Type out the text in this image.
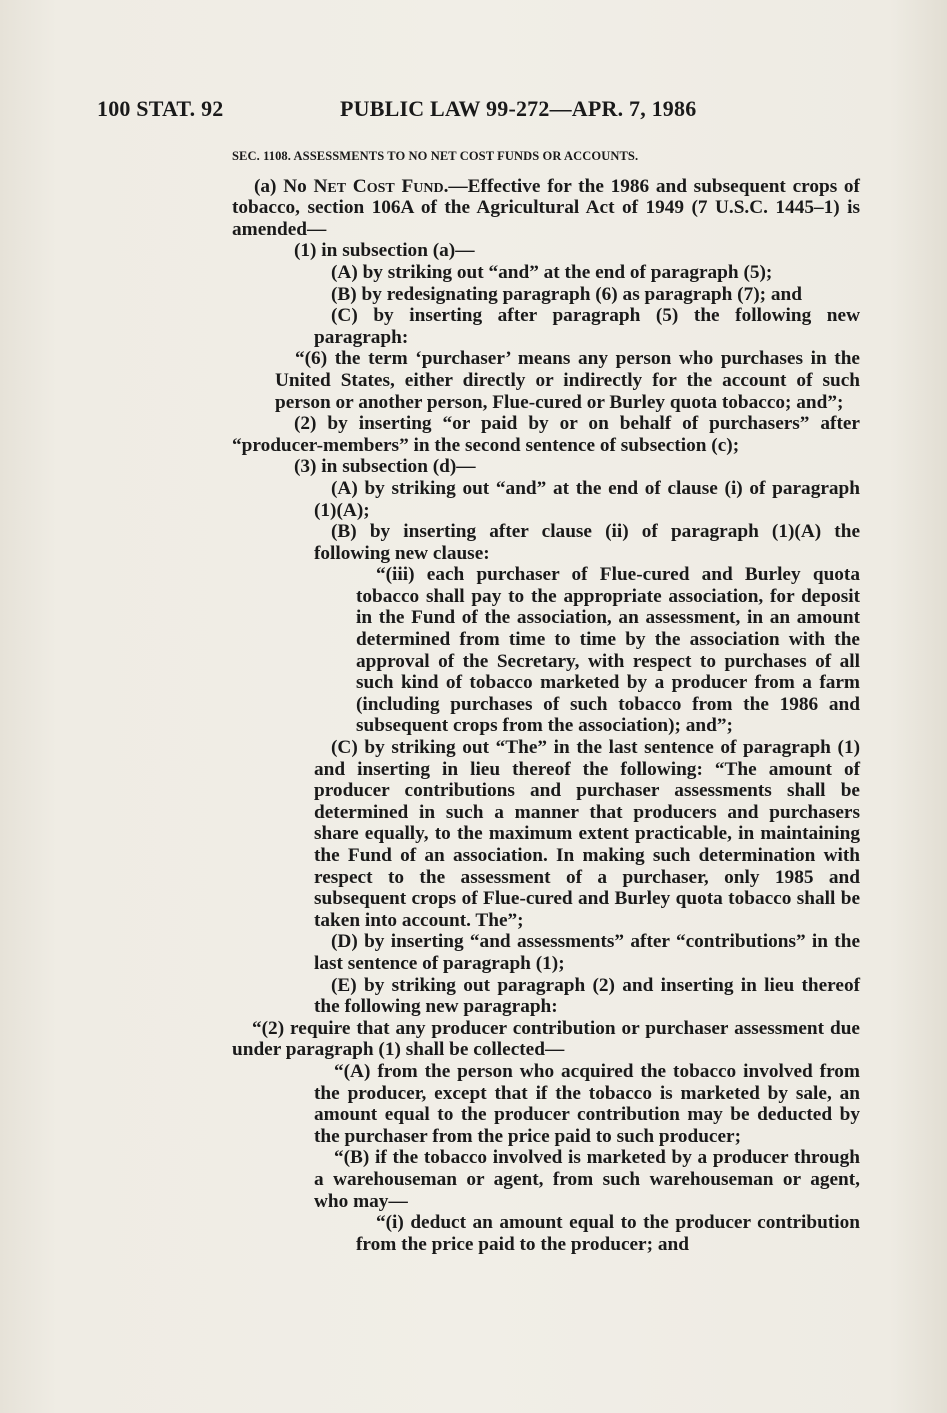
100 STAT. 92	PUBLIC LAW 99-272—APR. 7, 1986
SEC. 1108. ASSESSMENTS TO NO NET COST FUNDS OR ACCOUNTS.

(a) No Net Cost Fund.—Effective for the 1986 and subsequent crops of tobacco, section 106A of the Agricultural Act of 1949 (7 U.S.C. 1445–1) is amended—

(1) in subsection (a)—

(A) by striking out “and” at the end of paragraph (5);

(B) by redesignating paragraph (6) as paragraph (7); and

(C) by inserting after paragraph (5) the following new paragraph:

“(6) the term ‘purchaser’ means any person who purchases in the United States, either directly or indirectly for the account of such person or another person, Flue-cured or Burley quota tobacco; and”;

(2) by inserting “or paid by or on behalf of purchasers” after “producer-members” in the second sentence of subsection (c);

(3) in subsection (d)—

(A) by striking out “and” at the end of clause (i) of paragraph (1)(A);

(B) by inserting after clause (ii) of paragraph (1)(A) the following new clause:

“(iii) each purchaser of Flue-cured and Burley quota tobacco shall pay to the appropriate association, for deposit in the Fund of the association, an assessment, in an amount determined from time to time by the association with the approval of the Secretary, with respect to purchases of all such kind of tobacco marketed by a producer from a farm (including purchases of such tobacco from the 1986 and subsequent crops from the association); and”;

(C) by striking out “The” in the last sentence of paragraph (1) and inserting in lieu thereof the following: “The amount of producer contributions and purchaser assessments shall be determined in such a manner that producers and purchasers share equally, to the maximum extent practicable, in maintaining the Fund of an association. In making such determination with respect to the assessment of a purchaser, only 1985 and subsequent crops of Flue-cured and Burley quota tobacco shall be taken into account. The”;

(D) by inserting “and assessments” after “contributions” in the last sentence of paragraph (1);

(E) by striking out paragraph (2) and inserting in lieu thereof the following new paragraph:

“(2) require that any producer contribution or purchaser assessment due under paragraph (1) shall be collected—

“(A) from the person who acquired the tobacco involved from the producer, except that if the tobacco is marketed by sale, an amount equal to the producer contribution may be deducted by the purchaser from the price paid to such producer;

“(B) if the tobacco involved is marketed by a producer through a warehouseman or agent, from such warehouseman or agent, who may—

“(i) deduct an amount equal to the producer contribution from the price paid to the producer; and
